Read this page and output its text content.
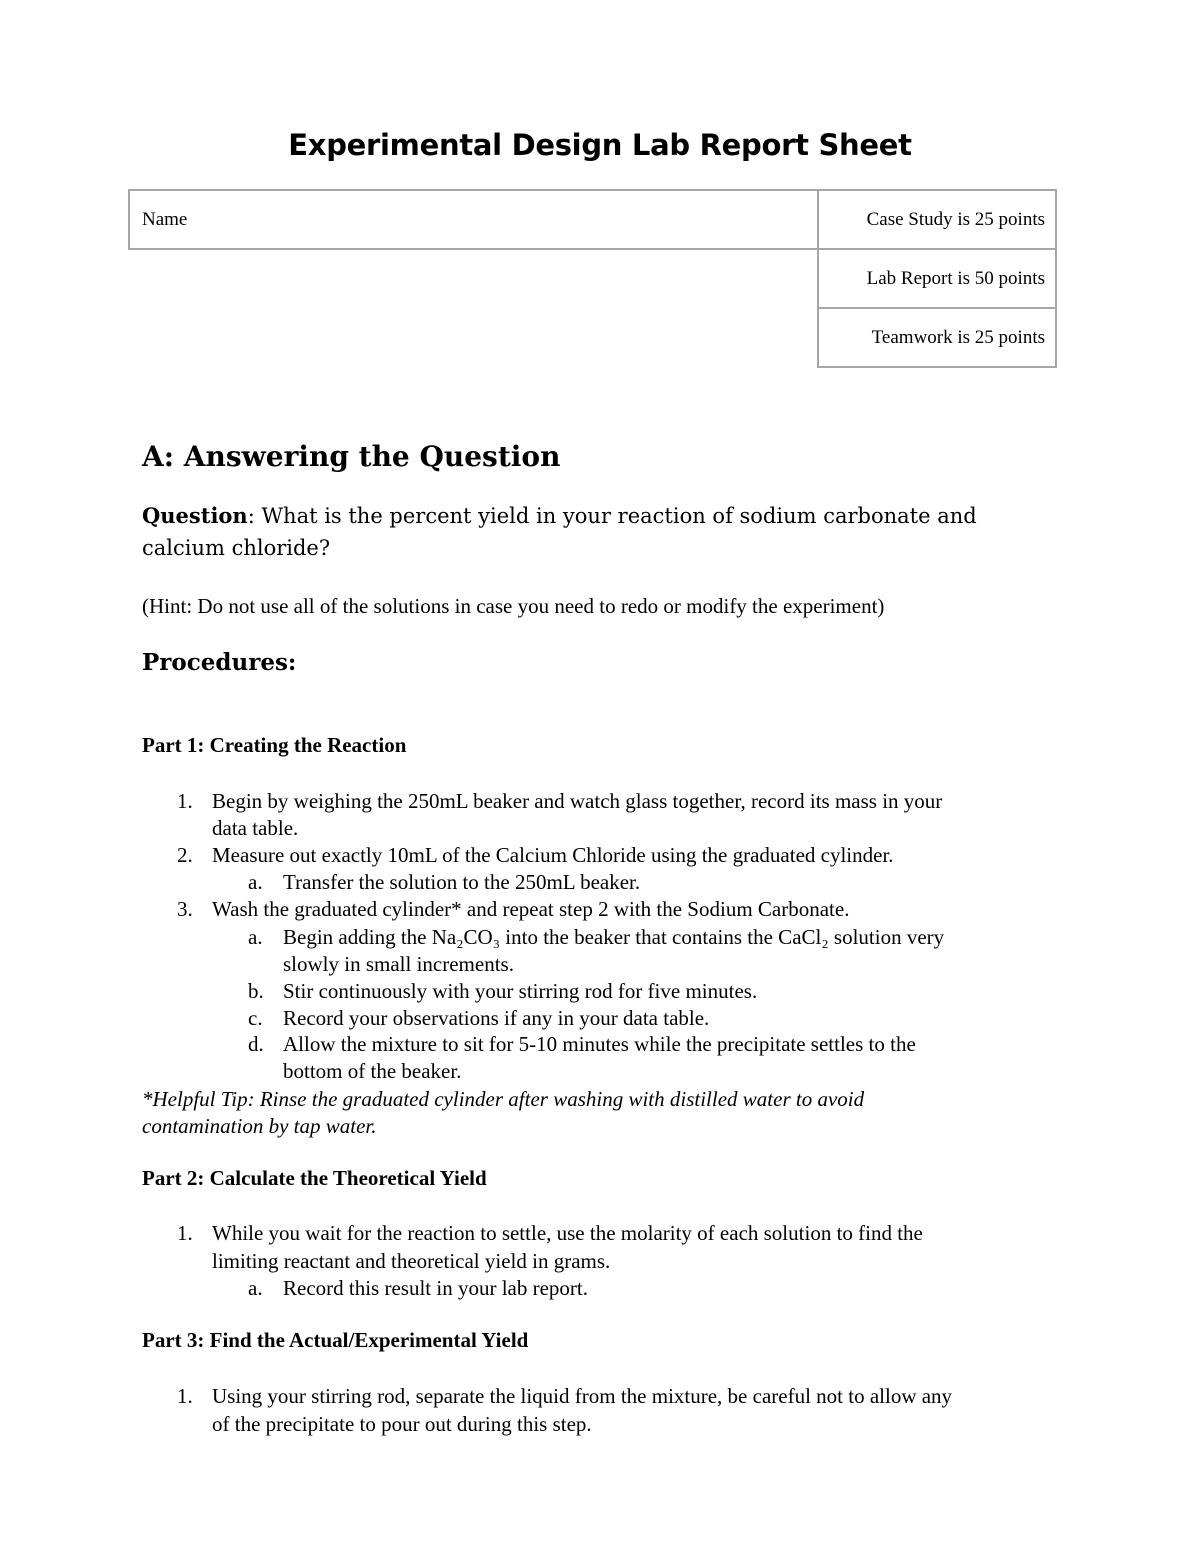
Experimental Design Lab Report Sheet
Name	Case Study is 25 points
Lab Report is 50 points
Teamwork is 25 points
A: Answering the Question
Question: What is the percent yield in your reaction of sodium carbonate and calcium chloride?
(Hint: Do not use all of the solutions in case you need to redo or modify the experiment)
Procedures:
Part 1: Creating the Reaction
1. Begin by weighing the 250mL beaker and watch glass together, record its mass in your
data table.
2. Measure out exactly 10mL of the Calcium Chloride using the graduated cylinder.
a. Transfer the solution to the 250mL beaker.
3. Wash the graduated cylinder* and repeat step 2 with the Sodium Carbonate.
a. Begin adding the Na₂CO₃ into the beaker that contains the CaCl₂ solution very
slowly in small increments.
b. Stir continuously with your stirring rod for five minutes.
c. Record your observations if any in your data table.
d. Allow the mixture to sit for 5-10 minutes while the precipitate settles to the
bottom of the beaker.
*Helpful Tip: Rinse the graduated cylinder after washing with distilled water to avoid
contamination by tap water.
Part 2: Calculate the Theoretical Yield
1. While you wait for the reaction to settle, use the molarity of each solution to find the
limiting reactant and theoretical yield in grams.
a. Record this result in your lab report.
Part 3: Find the Actual/Experimental Yield
1. Using your stirring rod, separate the liquid from the mixture, be careful not to allow any
of the precipitate to pour out during this step.
